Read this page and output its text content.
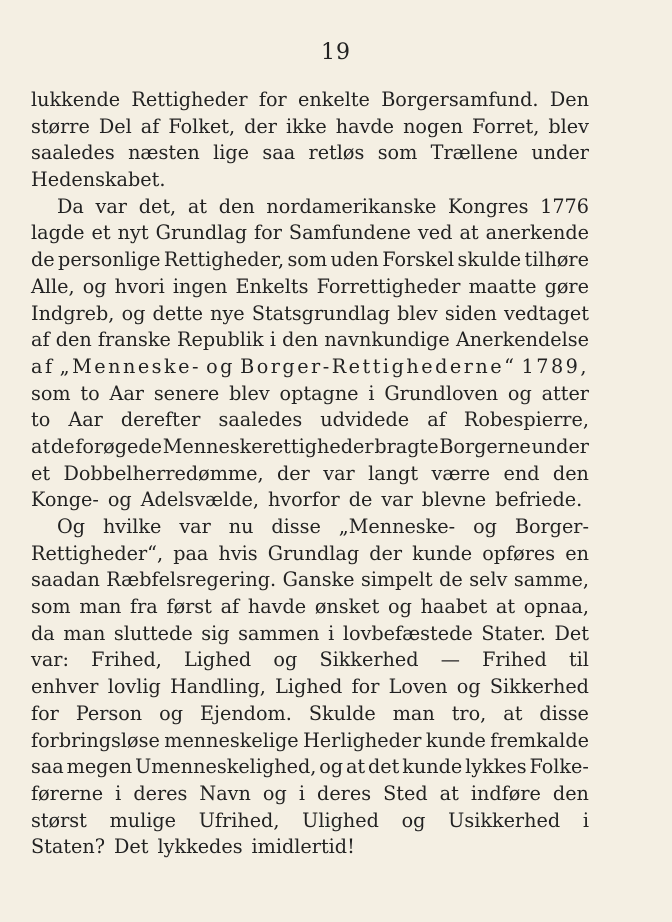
19
lukkende Rettigheder for enkelte Borgersamfund. Den
større Del af Folket, der ikke havde nogen Forret, blev
saaledes næsten lige saa retløs som Trællene under
Hedenskabet.
Da var det, at den nordamerikanske Kongres 1776
lagde et nyt Grundlag for Samfundene ved at anerkende
de personlige Rettigheder, som uden Forskel skulde tilhøre
Alle, og hvori ingen Enkelts Forrettigheder maatte gøre
Indgreb, og dette nye Statsgrundlag blev siden vedtaget
af den franske Republik i den navnkundige Anerkendelse
af „Menneske- og Borger-Rettighederne“ 1789,
som to Aar senere blev optagne i Grundloven og atter
to Aar derefter saaledes udvidede af Robespierre,
at de forøgede Menneskerettigheder bragte Borgerne under
et Dobbelherredømme, der var langt værre end den
Konge- og Adelsvælde, hvorfor de var blevne befriede.
Og hvilke var nu disse „Menneske- og Borger-
Rettigheder“, paa hvis Grundlag der kunde opføres en
saadan Ræbfelsregering. Ganske simpelt de selv samme,
som man fra først af havde ønsket og haabet at opnaa,
da man sluttede sig sammen i lovbefæstede Stater. Det
var: Frihed, Lighed og Sikkerhed — Frihed til
enhver lovlig Handling, Lighed for Loven og Sikkerhed
for Person og Ejendom. Skulde man tro, at disse
forbringsløse menneskelige Herligheder kunde fremkalde
saa megen Umenneskelighed, og at det kunde lykkes Folke-
førerne i deres Navn og i deres Sted at indføre den
størst mulige Ufrihed, Ulighed og Usikkerhed i
Staten? Det lykkedes imidlertid!
